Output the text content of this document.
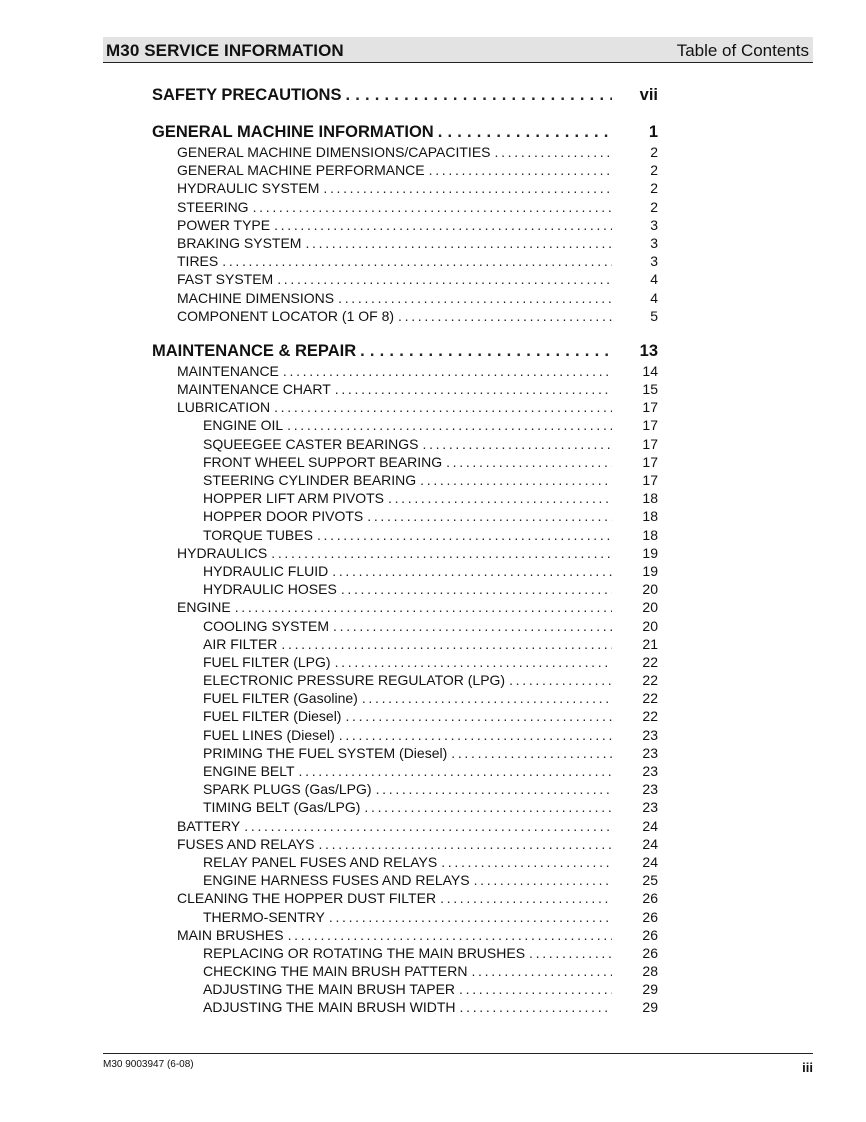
M30 SERVICE INFORMATION	Table of Contents
SAFETY PRECAUTIONS . . .	vii
GENERAL MACHINE INFORMATION . . .	1
GENERAL MACHINE DIMENSIONS/CAPACITIES . . .	2
GENERAL MACHINE PERFORMANCE . . .	2
HYDRAULIC SYSTEM . . .	2
STEERING . . .	2
POWER TYPE . . .	3
BRAKING SYSTEM . . .	3
TIRES . . .	3
FAST SYSTEM . . .	4
MACHINE DIMENSIONS . . .	4
COMPONENT LOCATOR (1 OF 8) . . .	5
MAINTENANCE & REPAIR . . .	13
MAINTENANCE . . .	14
MAINTENANCE CHART . . .	15
LUBRICATION . . .	17
ENGINE OIL . . .	17
SQUEEGEE CASTER BEARINGS . . .	17
FRONT WHEEL SUPPORT BEARING . . .	17
STEERING CYLINDER BEARING . . .	17
HOPPER LIFT ARM PIVOTS . . .	18
HOPPER DOOR PIVOTS . . .	18
TORQUE TUBES . . .	18
HYDRAULICS . . .	19
HYDRAULIC FLUID . . .	19
HYDRAULIC HOSES . . .	20
ENGINE . . .	20
COOLING SYSTEM . . .	20
AIR FILTER . . .	21
FUEL FILTER (LPG) . . .	22
ELECTRONIC PRESSURE REGULATOR (LPG) . . .	22
FUEL FILTER (Gasoline) . . .	22
FUEL FILTER (Diesel) . . .	22
FUEL LINES (Diesel) . . .	23
PRIMING THE FUEL SYSTEM (Diesel) . . .	23
ENGINE BELT . . .	23
SPARK PLUGS (Gas/LPG) . . .	23
TIMING BELT (Gas/LPG) . . .	23
BATTERY . . .	24
FUSES AND RELAYS . . .	24
RELAY PANEL FUSES AND RELAYS . . .	24
ENGINE HARNESS FUSES AND RELAYS . . .	25
CLEANING THE HOPPER DUST FILTER . . .	26
THERMO-SENTRY . . .	26
MAIN BRUSHES . . .	26
REPLACING OR ROTATING THE MAIN BRUSHES . . .	26
CHECKING THE MAIN BRUSH PATTERN . . .	28
ADJUSTING THE MAIN BRUSH TAPER . . .	29
ADJUSTING THE MAIN BRUSH WIDTH . . .	29
M30 9003947 (6-08)	iii
